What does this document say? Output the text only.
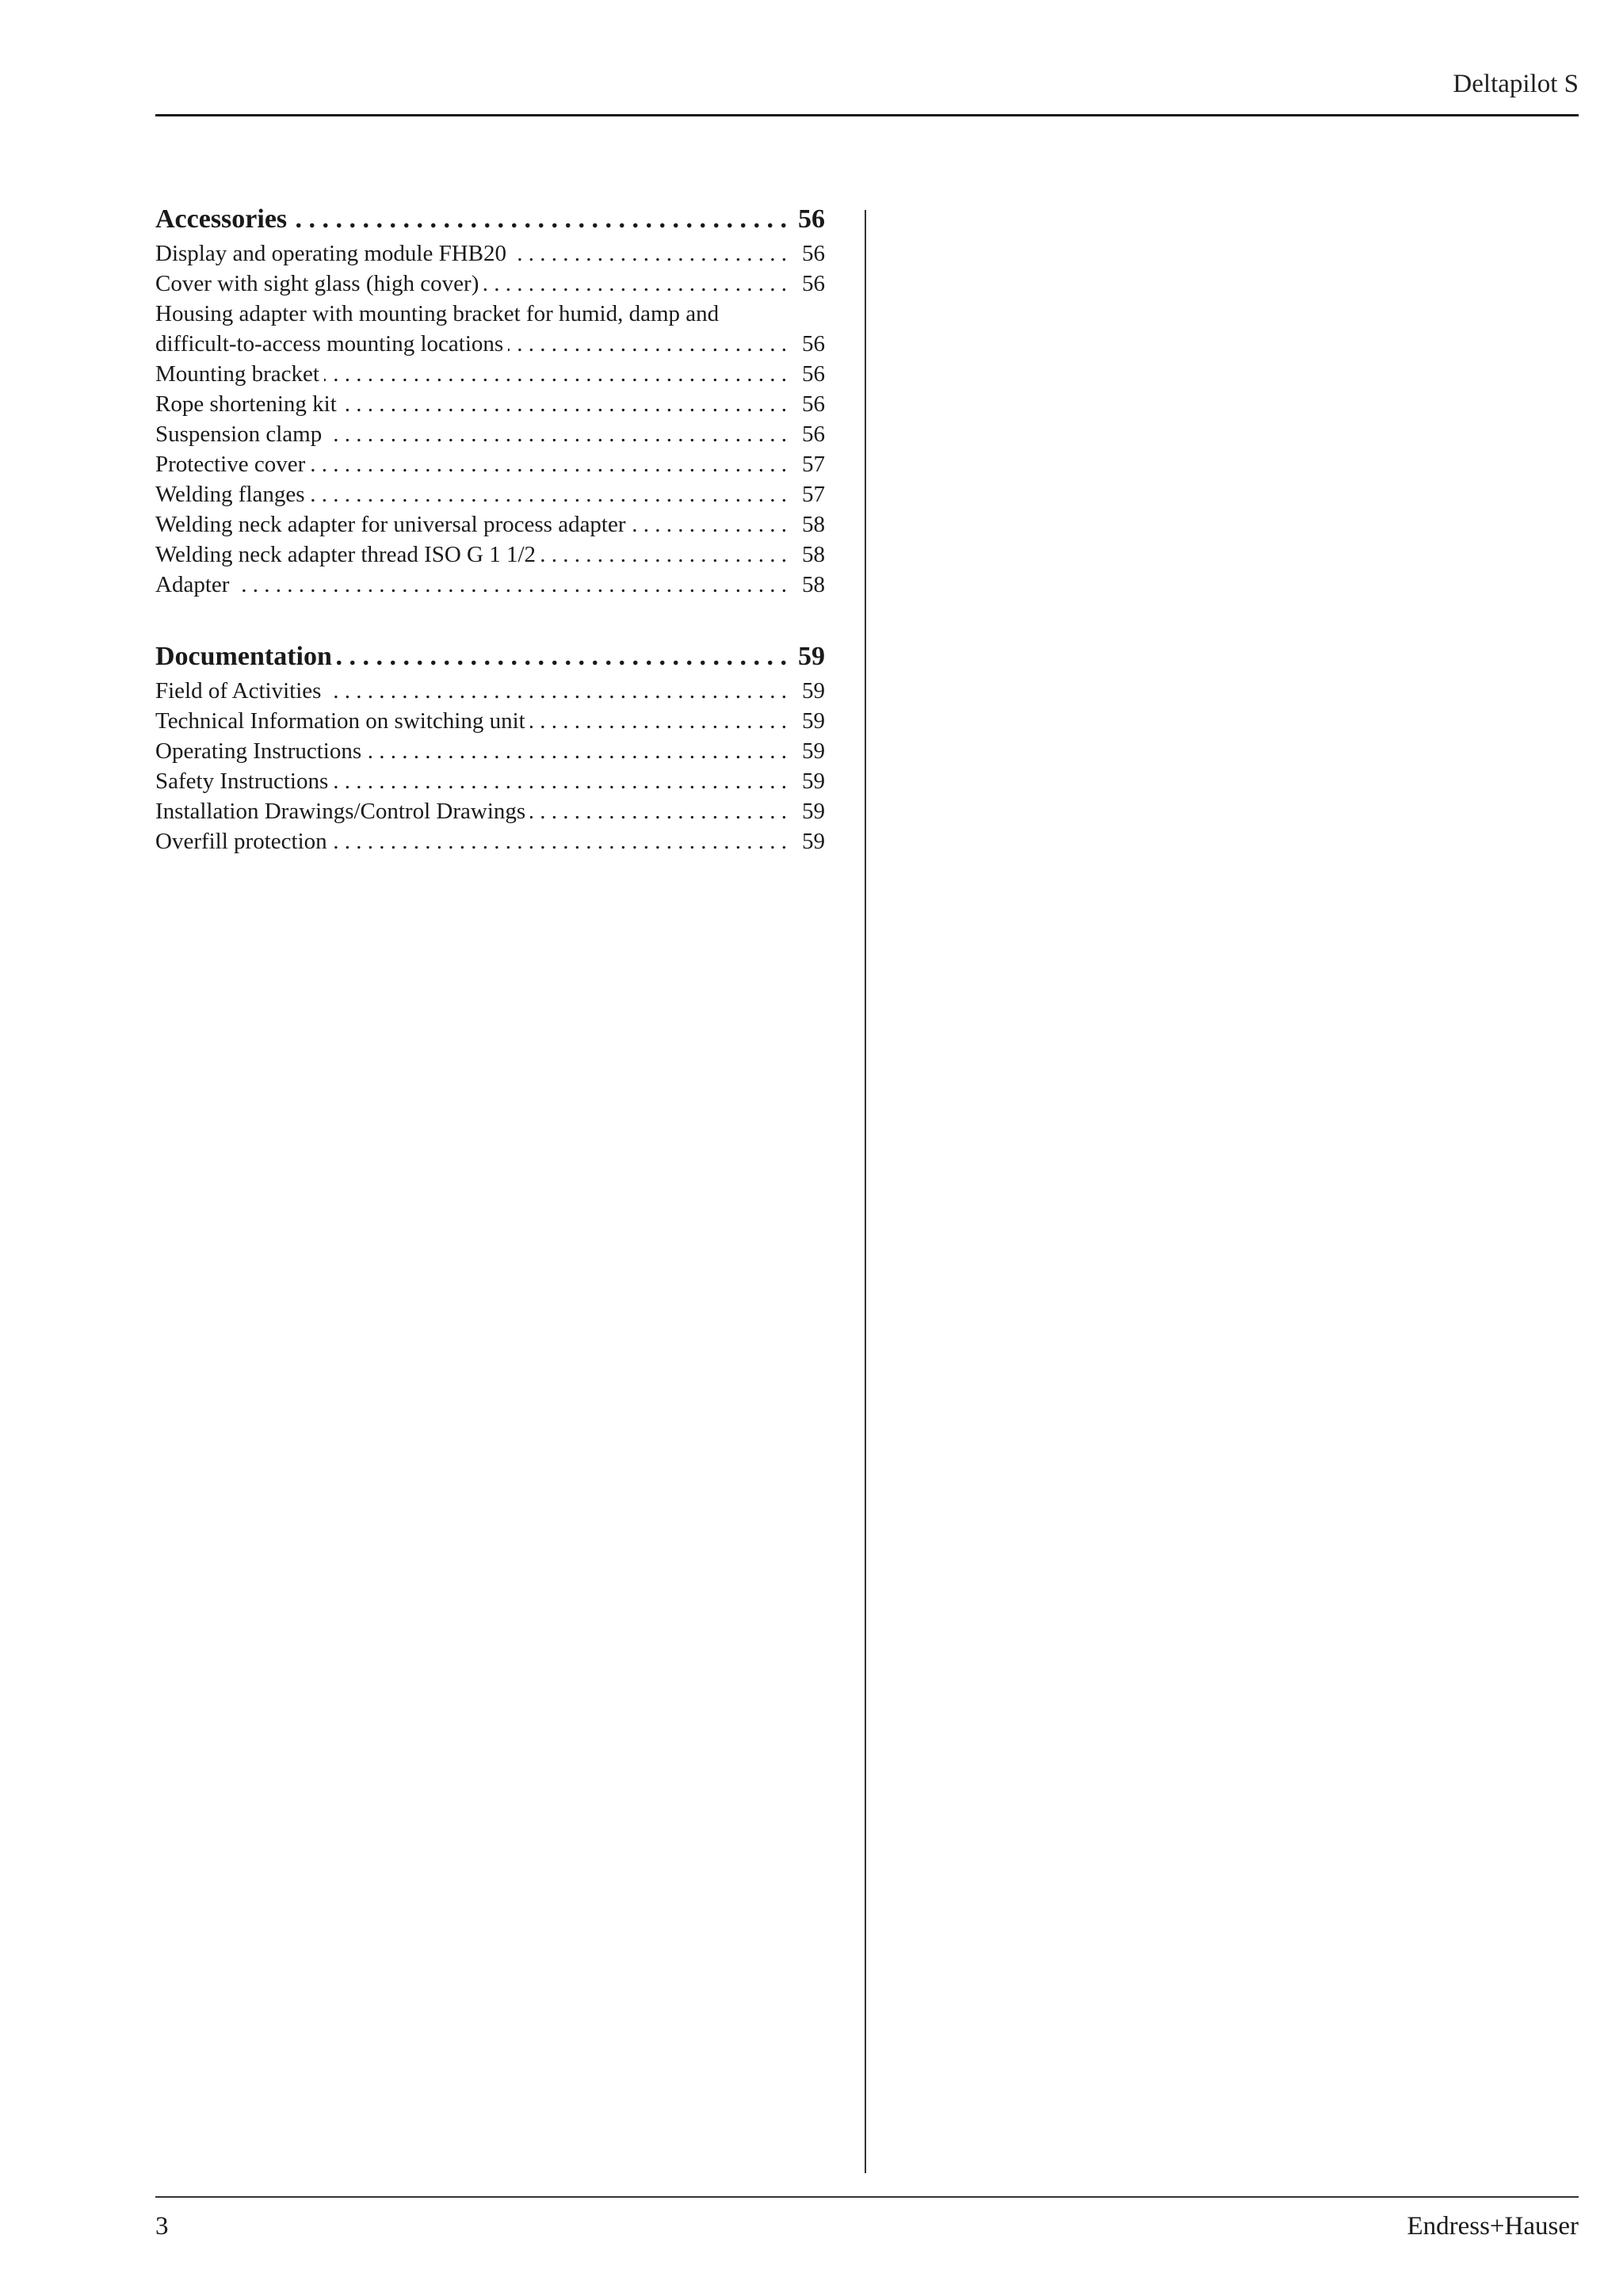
Deltapilot S
Accessories . . .	56
Display and operating module FHB20 . . .	56
Cover with sight glass (high cover) . . .	56
Housing adapter with mounting bracket for humid, damp and
difficult-to-access mounting locations . . .	56
Mounting bracket . . .	56
Rope shortening kit . . .	56
Suspension clamp . . .	56
Protective cover . . .	57
Welding flanges . . .	57
Welding neck adapter for universal process adapter . . .	58
Welding neck adapter thread ISO G 1 1/2 . . .	58
Adapter . . .	58
Documentation . . .	59
Field of Activities . . .	59
Technical Information on switching unit . . .	59
Operating Instructions . . .	59
Safety Instructions . . .	59
Installation Drawings/Control Drawings . . .	59
Overfill protection . . .	59
3	Endress+Hauser
